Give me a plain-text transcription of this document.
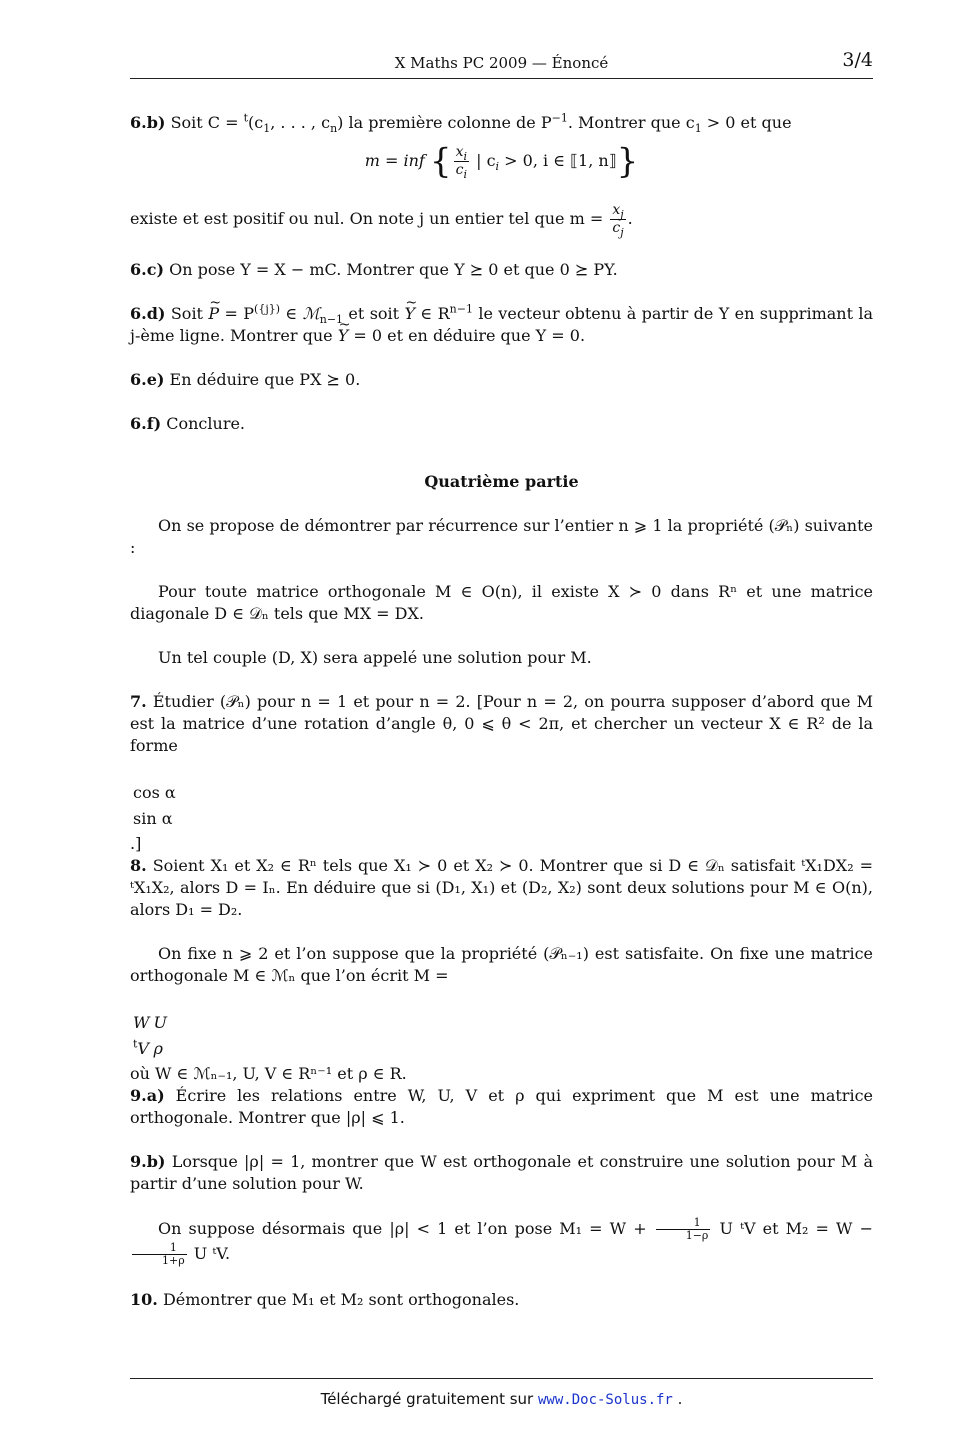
X Maths PC 2009 — Énoncé	3/4

6.b) Soit $C = ^t(c_1$, . . . , $c_n$) la première colonne de $P^{-1}$. Montrer que $c_1 > 0$ et que

m = inf { $\frac{x_i}{c_i}$ | $c_i > 0$, i ∈ ⟦1, n⟧}

existe et est positif ou nul. On note j un entier tel que $m = \frac{x_j}{c_j}$ .

6.c) On pose Y = X − mC. Montrer que Y ⪰ 0 et que 0 ⪰ PY.

6.d) Soit ~ $P = P^{(\{j\})}$ ∈ ℳ$_{n-1}$ et soit ~ Y ∈ $R^{n-1}$ le vecteur obtenu à partir de Y en supprimant la j-ème ligne. Montrer que ~ Y = 0 et en déduire que Y = 0.

6.e) En déduire que PX ⪰ 0.

6.f) Conclure.

Quatrième partie

On se propose de démontrer par récurrence sur l’entier n ⩾ 1 la propriété (𝒫ₙ) suivante :

Pour toute matrice orthogonale M ∈ O(n), il existe X ≻ 0 dans Rⁿ et une matrice diagonale D ∈ 𝒟ₙ tels que MX = DX.

Un tel couple (D, X) sera appelé une solution pour M.

7. Étudier (𝒫ₙ) pour n = 1 et pour n = 2. [Pour n = 2, on pourra supposer d’abord que M est la matrice d’une rotation d’angle θ, 0 ⩽ θ < 2π, et chercher un vecteur X ∈ R² de la forme

cos α
sin α
.]

8. Soient X₁ et X₂ ∈ Rⁿ tels que X₁ ≻ 0 et X₂ ≻ 0. Montrer que si D ∈ 𝒟ₙ satisfait ᵗX₁DX₂ = ᵗX₁X₂, alors D = Iₙ. En déduire que si (D₁, X₁) et (D₂, X₂) sont deux solutions pour M ∈ O(n), alors D₁ = D₂.

On fixe n ⩾ 2 et l’on suppose que la propriété (𝒫ₙ₋₁) est satisfaite. On fixe une matrice orthogonale M ∈ ℳₙ que l’on écrit M =

W	U
$^t$V	ρ
où W ∈ ℳₙ₋₁, U, V ∈ Rⁿ⁻¹ et ρ ∈ R.

9.a) Écrire les relations entre W, U, V et ρ qui expriment que M est une matrice orthogonale. Montrer que |ρ| ⩽ 1.

9.b) Lorsque |ρ| = 1, montrer que W est orthogonale et construire une solution pour M à partir d’une solution pour W.

On suppose désormais que |ρ| < 1 et l’on pose $M_1 = W + \frac{1}{1-\rho}$ U ᵗV et M₂ = W −
$\frac{1}{1+\rho}$ U ᵗV.

10. Démontrer que M₁ et M₂ sont orthogonales.

Téléchargé gratuitement sur www.Doc-Solus.fr .
